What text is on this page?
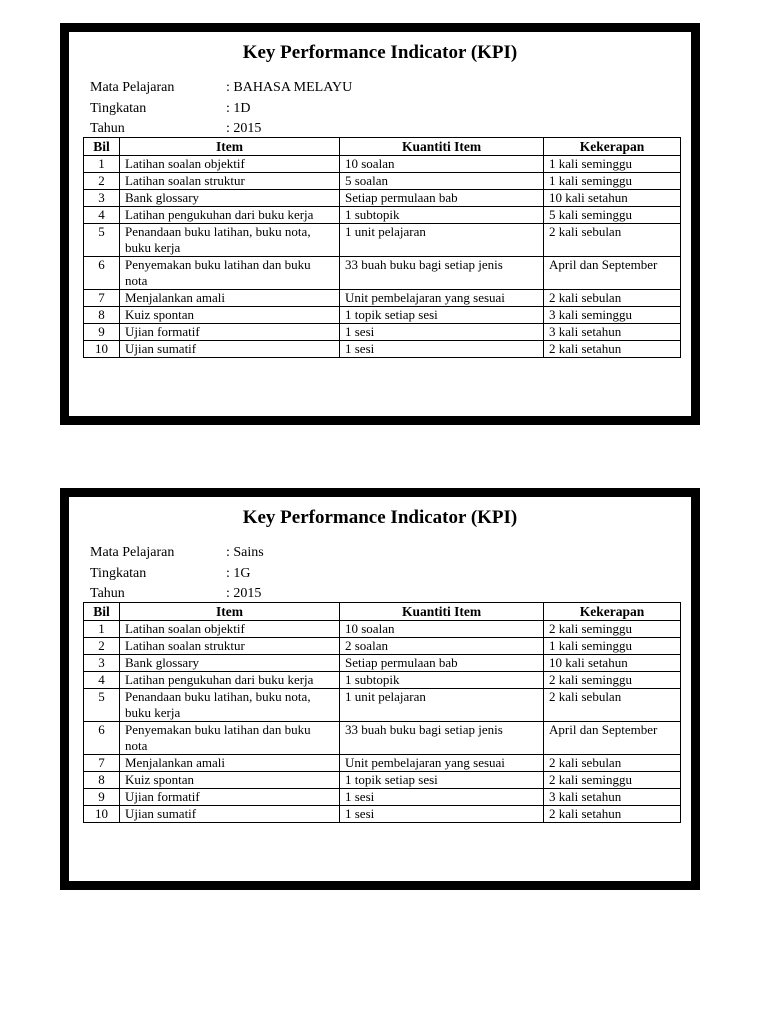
Key Performance Indicator (KPI)
Mata Pelajaran	: BAHASA MELAYU
Tingkatan	: 1D
Tahun	: 2015
Bil	Item	Kuantiti Item	Kekerapan
1	Latihan soalan objektif	10 soalan	1 kali seminggu
2	Latihan soalan struktur	5 soalan	1 kali seminggu
3	Bank glossary	Setiap permulaan bab	10 kali setahun
4	Latihan pengukuhan dari buku kerja	1 subtopik	5 kali seminggu
5	Penandaan buku latihan, buku nota, buku kerja	1 unit pelajaran	2 kali sebulan
6	Penyemakan buku latihan dan buku nota	33 buah buku bagi setiap jenis	April dan September
7	Menjalankan amali	Unit pembelajaran yang sesuai	2 kali sebulan
8	Kuiz spontan	1 topik setiap sesi	3 kali seminggu
9	Ujian formatif	1 sesi	3 kali setahun
10	Ujian sumatif	1 sesi	2 kali setahun
Key Performance Indicator (KPI)
Mata Pelajaran	: Sains
Tingkatan	: 1G
Tahun	: 2015
Bil	Item	Kuantiti Item	Kekerapan
1	Latihan soalan objektif	10 soalan	2 kali seminggu
2	Latihan soalan struktur	2 soalan	1 kali seminggu
3	Bank glossary	Setiap permulaan bab	10 kali setahun
4	Latihan pengukuhan dari buku kerja	1 subtopik	2 kali seminggu
5	Penandaan buku latihan, buku nota, buku kerja	1 unit pelajaran	2 kali sebulan
6	Penyemakan buku latihan dan buku nota	33 buah buku bagi setiap jenis	April dan September
7	Menjalankan amali	Unit pembelajaran yang sesuai	2 kali sebulan
8	Kuiz spontan	1 topik setiap sesi	2 kali seminggu
9	Ujian formatif	1 sesi	3 kali setahun
10	Ujian sumatif	1 sesi	2 kali setahun
